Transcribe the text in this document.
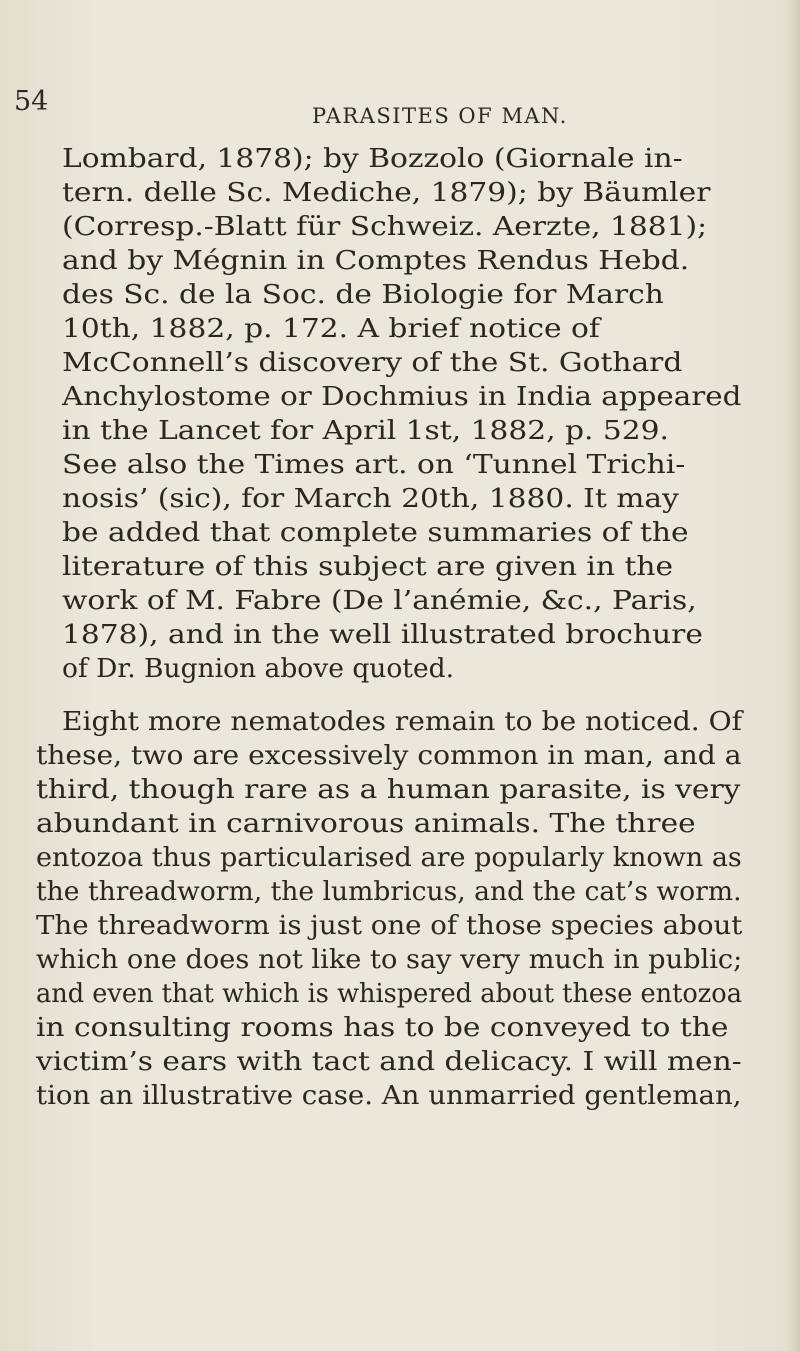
54	PARASITES OF MAN.
Lombard, 1878); by Bozzolo (Giornale in-
tern. delle Sc. Mediche, 1879); by Bäumler
(Corresp.-Blatt für Schweiz. Aerzte, 1881);
and by Mégnin in Comptes Rendus Hebd.
des Sc. de la Soc. de Biologie for March
10th, 1882, p. 172. A brief notice of
McConnell’s discovery of the St. Gothard
Anchylostome or Dochmius in India appeared
in the Lancet for April 1st, 1882, p. 529.
See also the Times art. on ‘Tunnel Trichi-
nosis’ (sic), for March 20th, 1880. It may
be added that complete summaries of the
literature of this subject are given in the
work of M. Fabre (De l’anémie, &c., Paris,
1878), and in the well illustrated brochure
of Dr. Bugnion above quoted.
Eight more nematodes remain to be noticed. Of
these, two are excessively common in man, and a
third, though rare as a human parasite, is very
abundant in carnivorous animals. The three
entozoa thus particularised are popularly known as
the threadworm, the lumbricus, and the cat’s worm.
The threadworm is just one of those species about
which one does not like to say very much in public;
and even that which is whispered about these entozoa
in consulting rooms has to be conveyed to the
victim’s ears with tact and delicacy. I will men-
tion an illustrative case. An unmarried gentleman,
